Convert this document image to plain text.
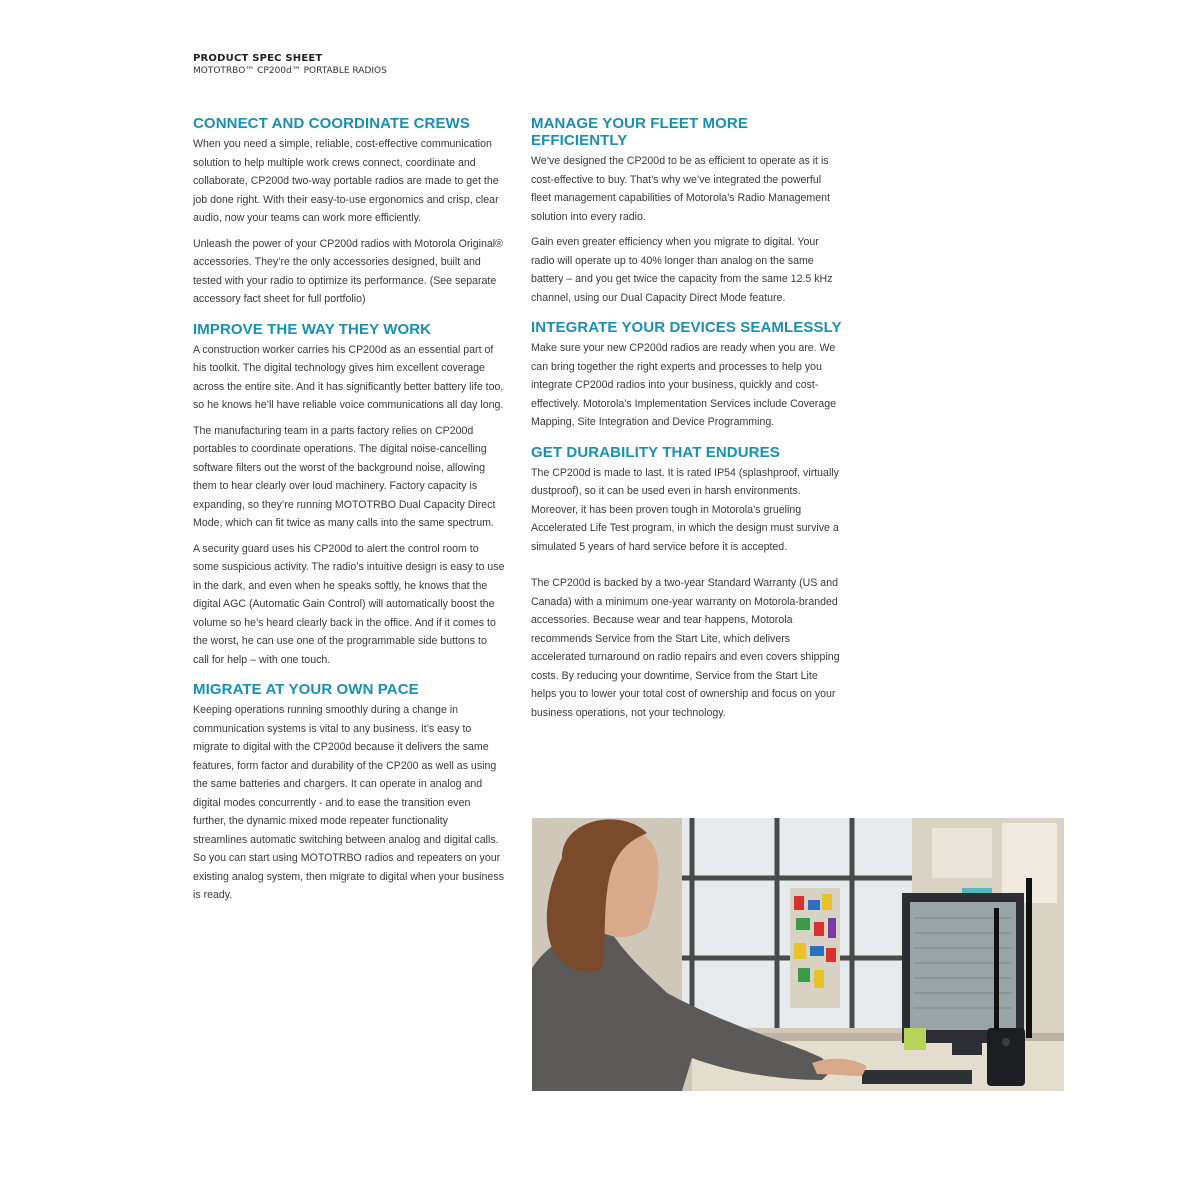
PRODUCT SPEC SHEET
MOTOTRBO™ CP200d™ PORTABLE RADIOS
CONNECT AND COORDINATE CREWS

When you need a simple, reliable, cost-effective communication solution to help multiple work crews connect, coordinate and collaborate, CP200d two-way portable radios are made to get the job done right. With their easy-to-use ergonomics and crisp, clear audio, now your teams can work more efficiently.

Unleash the power of your CP200d radios with Motorola Original® accessories. They’re the only accessories designed, built and tested with your radio to optimize its performance. (See separate accessory fact sheet for full portfolio)

IMPROVE THE WAY THEY WORK

A construction worker carries his CP200d as an essential part of his toolkit. The digital technology gives him excellent coverage across the entire site. And it has significantly better battery life too, so he knows he’ll have reliable voice communications all day long.

The manufacturing team in a parts factory relies on CP200d portables to coordinate operations. The digital noise-cancelling software filters out the worst of the background noise, allowing them to hear clearly over loud machinery. Factory capacity is expanding, so they’re running MOTOTRBO Dual Capacity Direct Mode, which can fit twice as many calls into the same spectrum.

A security guard uses his CP200d to alert the control room to some suspicious activity. The radio’s intuitive design is easy to use in the dark, and even when he speaks softly, he knows that the digital AGC (Automatic Gain Control) will automatically boost the volume so he’s heard clearly back in the office. And if it comes to the worst, he can use one of the programmable side buttons to call for help – with one touch.

MIGRATE AT YOUR OWN PACE

Keeping operations running smoothly during a change in communication systems is vital to any business. It’s easy to migrate to digital with the CP200d because it delivers the same features, form factor and durability of the CP200 as well as using the same batteries and chargers. It can operate in analog and digital modes concurrently - and to ease the transition even further, the dynamic mixed mode repeater functionality streamlines automatic switching between analog and digital calls. So you can start using MOTOTRBO radios and repeaters on your existing analog system, then migrate to digital when your business is ready.

MANAGE YOUR FLEET MORE EFFICIENTLY

We’ve designed the CP200d to be as efficient to operate as it is cost-effective to buy. That’s why we’ve integrated the powerful fleet management capabilities of Motorola’s Radio Management solution into every radio.

Gain even greater efficiency when you migrate to digital. Your radio will operate up to 40% longer than analog on the same battery – and you get twice the capacity from the same 12.5 kHz channel, using our Dual Capacity Direct Mode feature.

INTEGRATE YOUR DEVICES SEAMLESSLY

Make sure your new CP200d radios are ready when you are. We can bring together the right experts and processes to help you integrate CP200d radios into your business, quickly and cost-effectively. Motorola’s Implementation Services include Coverage Mapping, Site Integration and Device Programming.

GET DURABILITY THAT ENDURES

The CP200d is made to last. It is rated IP54 (splashproof, virtually dustproof), so it can be used even in harsh environments. Moreover, it has been proven tough in Motorola’s grueling Accelerated Life Test program, in which the design must survive a simulated 5 years of hard service before it is accepted.

The CP200d is backed by a two-year Standard Warranty (US and Canada) with a minimum one-year warranty on Motorola-branded accessories. Because wear and tear happens, Motorola recommends Service from the Start Lite, which delivers accelerated turnaround on radio repairs and even covers shipping costs. By reducing your downtime, Service from the Start Lite helps you to lower your total cost of ownership and focus on your business operations, not your technology.
